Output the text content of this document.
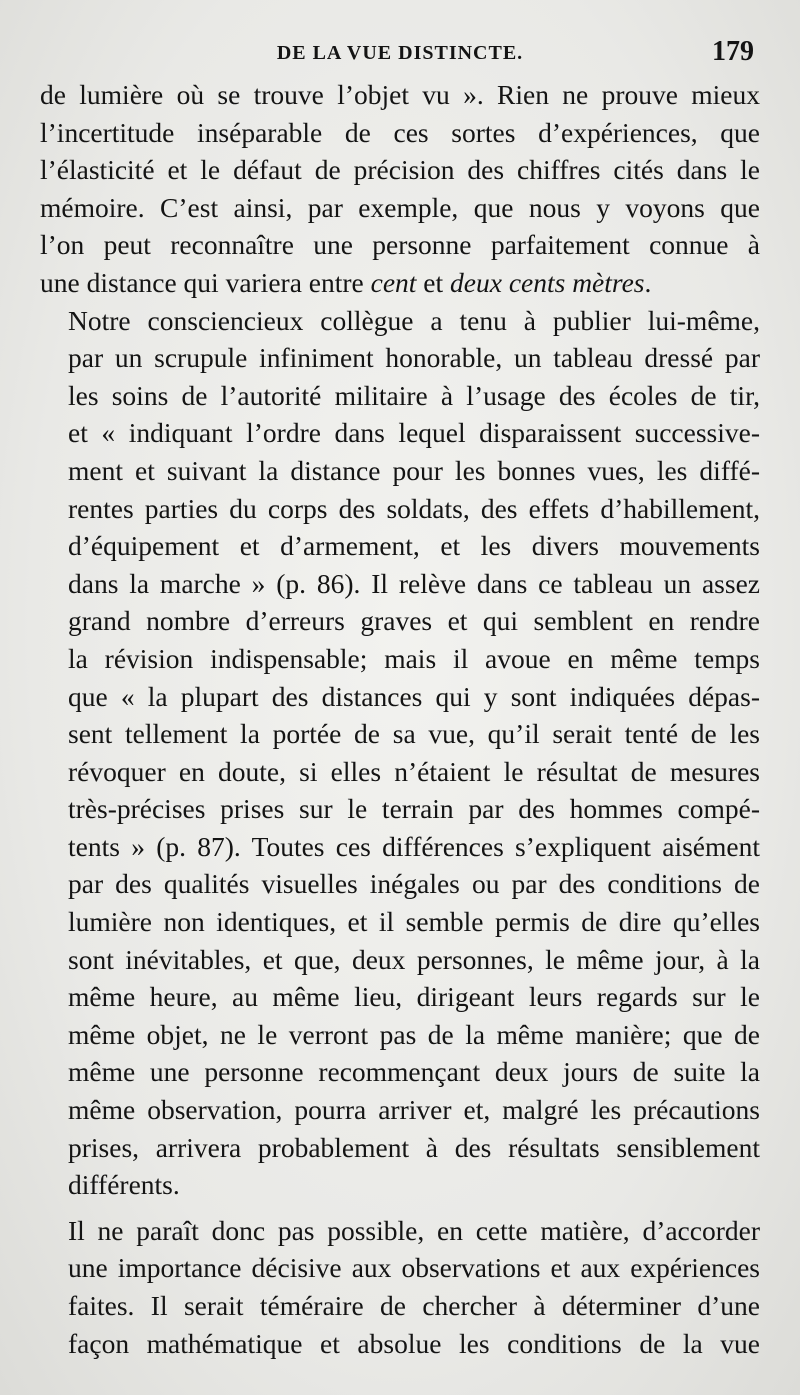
DE LA VUE DISTINCTE.	179
de lumière où se trouve l’objet vu ». Rien ne prouve mieux
l’incertitude inséparable de ces sortes d’expériences, que
l’élasticité et le défaut de précision des chiffres cités dans le
mémoire. C’est ainsi, par exemple, que nous y voyons que
l’on peut reconnaître une personne parfaitement connue à
une distance qui variera entre cent et deux cents mètres.
Notre consciencieux collègue a tenu à publier lui-même,
par un scrupule infiniment honorable, un tableau dressé par
les soins de l’autorité militaire à l’usage des écoles de tir,
et « indiquant l’ordre dans lequel disparaissent successive-
ment et suivant la distance pour les bonnes vues, les diffé-
rentes parties du corps des soldats, des effets d’habillement,
d’équipement et d’armement, et les divers mouvements
dans la marche » (p. 86). Il relève dans ce tableau un assez
grand nombre d’erreurs graves et qui semblent en rendre
la révision indispensable; mais il avoue en même temps
que « la plupart des distances qui y sont indiquées dépas-
sent tellement la portée de sa vue, qu’il serait tenté de les
révoquer en doute, si elles n’étaient le résultat de mesures
très-précises prises sur le terrain par des hommes compé-
tents » (p. 87). Toutes ces différences s’expliquent aisément
par des qualités visuelles inégales ou par des conditions de
lumière non identiques, et il semble permis de dire qu’elles
sont inévitables, et que, deux personnes, le même jour, à la
même heure, au même lieu, dirigeant leurs regards sur le
même objet, ne le verront pas de la même manière; que de
même une personne recommençant deux jours de suite la
même observation, pourra arriver et, malgré les précautions
prises, arrivera probablement à des résultats sensiblement
différents.
Il ne paraît donc pas possible, en cette matière, d’accorder
une importance décisive aux observations et aux expériences
faites. Il serait téméraire de chercher à déterminer d’une
façon mathématique et absolue les conditions de la vue
